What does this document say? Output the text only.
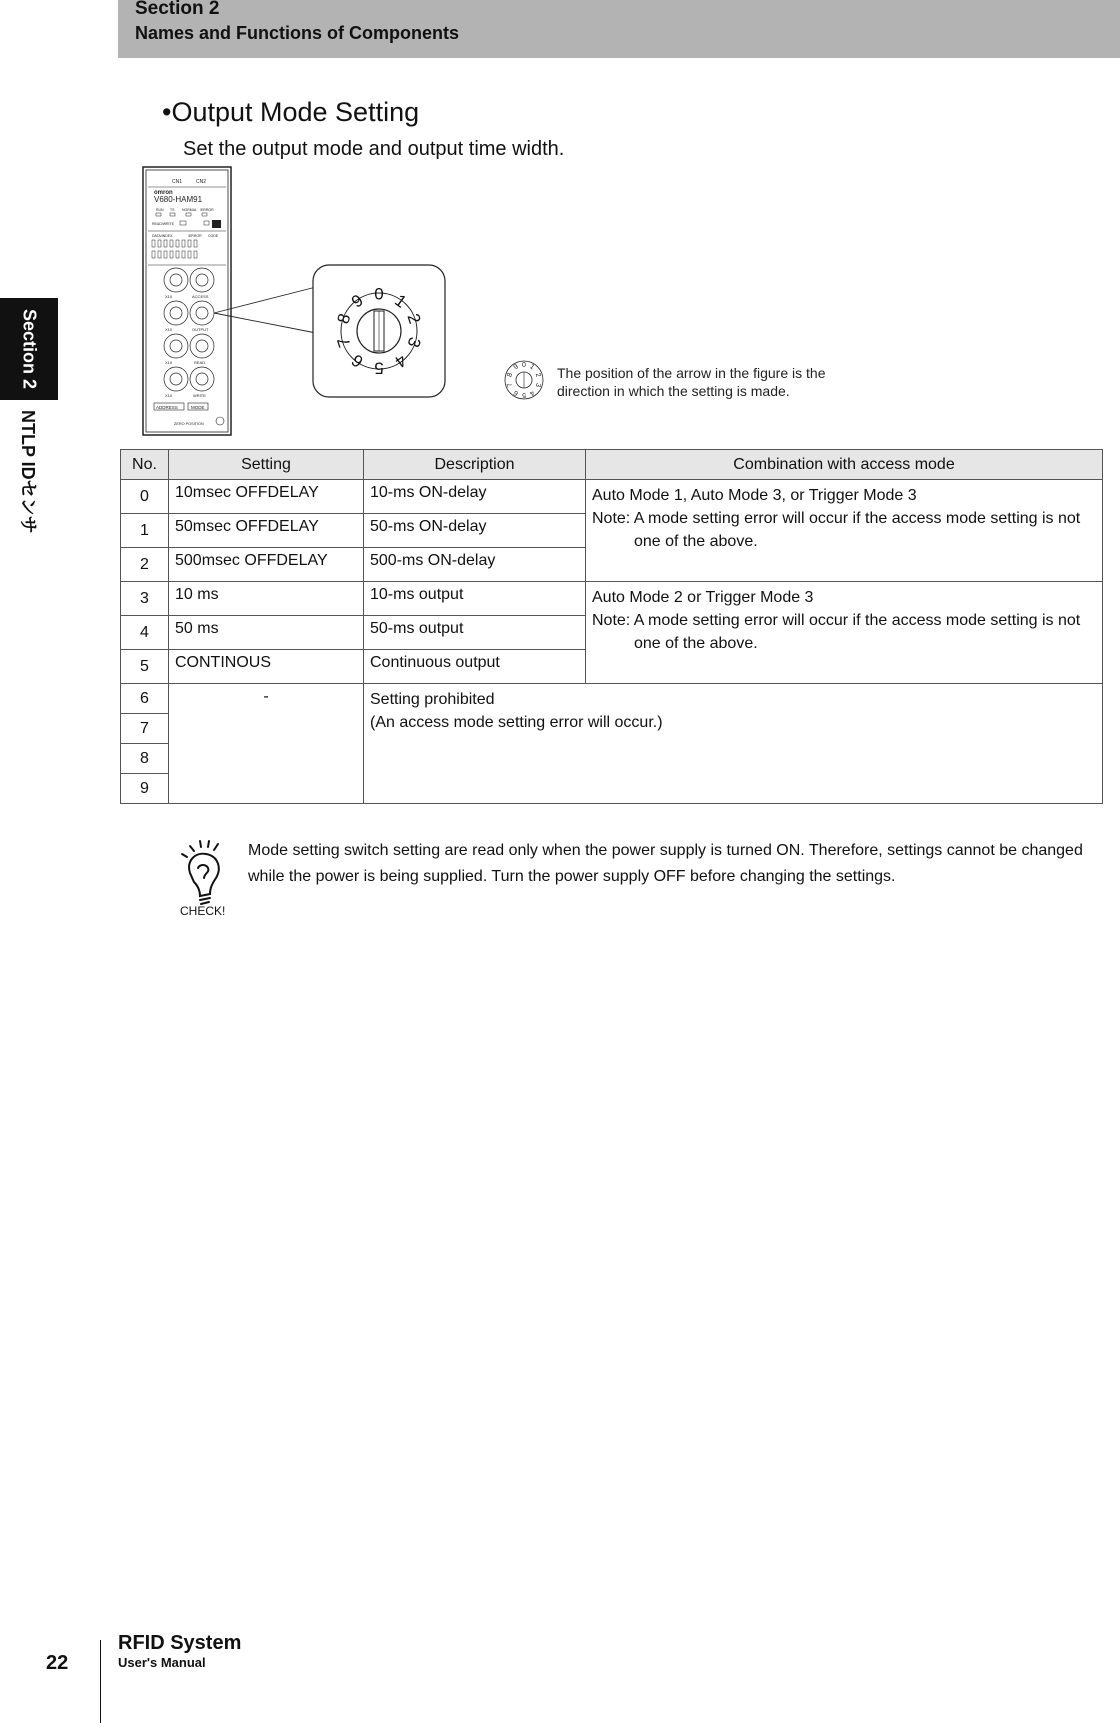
Section 2
Names and Functions of Components
Section 2
NTLP IDセンサ
•Output Mode Setting
Set the output mode and output time width.
CN1	CN2
omron
V680-HAM91
RUN TS NORMAL /ERROR
READ/WRITE
DATA/INDEX	/ERROR CODE
X10	ACCESS
X10	OUTPUT
X10	READ
X10	WRITE
ADDRESS	MODE
ZERO POSITION
0 1
2
3
4
5
6
7
8
9
0 1
2
3
4
5
6
7
8
9	The position of the arrow in the figure is the direction in which the setting is made.
No.	Setting	Description	Combination with access mode
0	10msec OFFDELAY	10-ms ON-delay	Auto Mode 1, Auto Mode 3, or Trigger Mode 3
Note: A mode setting error will occur if the access mode setting is not one of the above.

1	50msec OFFDELAY	50-ms ON-delay	
2	500msec OFFDELAY	500-ms ON-delay	
3	10 ms	10-ms output	Auto Mode 2 or Trigger Mode 3
Note: A mode setting error will occur if the access mode setting is not one of the above.

4	50 ms	50-ms output	
5	CONTINOUS	Continuous output	
6	-	Setting prohibited
(An access mode setting error will occur.)	

7			
8			
9			
CHECK!
Mode setting switch setting are read only when the power supply is turned ON. Therefore, settings cannot be changed while the power is being supplied. Turn the power supply OFF before changing the settings.
22
RFID System
User's Manual
